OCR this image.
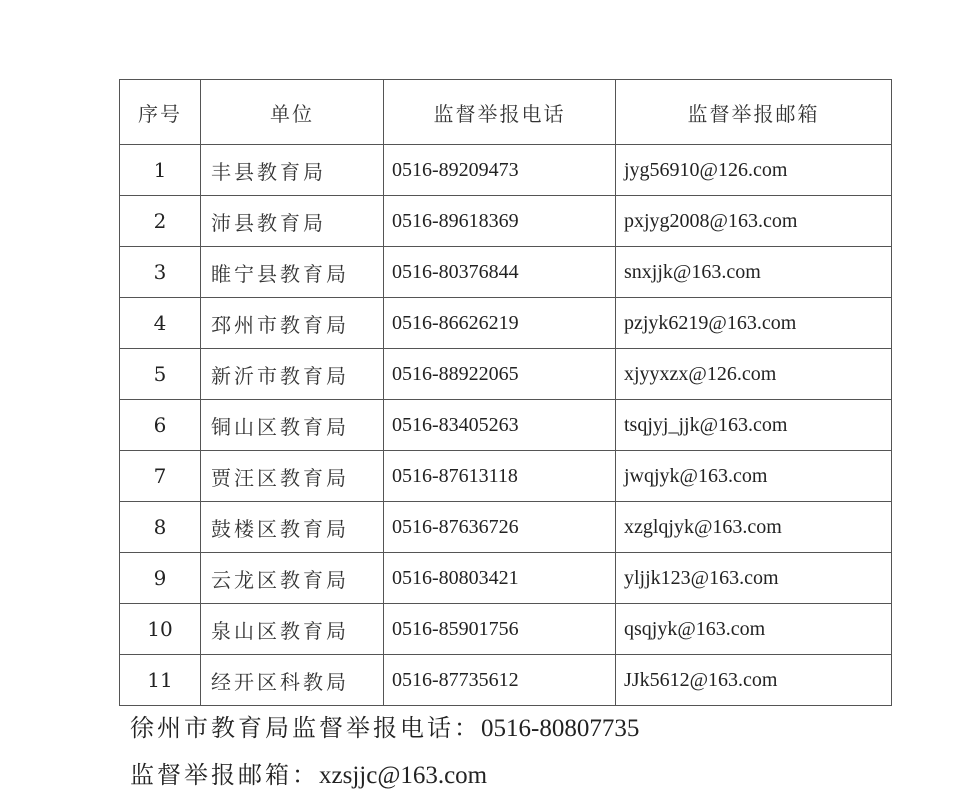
序号	单位	监督举报电话	监督举报邮箱
1	丰县教育局	0516-89209473	jyg56910@126.com
2	沛县教育局	0516-89618369	pxjyg2008@163.com
3	睢宁县教育局	0516-80376844	snxjjk@163.com
4	邳州市教育局	0516-86626219	pzjyk6219@163.com
5	新沂市教育局	0516-88922065	xjyyxzx@126.com
6	铜山区教育局	0516-83405263	tsqjyj_jjk@163.com
7	贾汪区教育局	0516-87613118	jwqjyk@163.com
8	鼓楼区教育局	0516-87636726	xzglqjyk@163.com
9	云龙区教育局	0516-80803421	yljjk123@163.com
10	泉山区教育局	0516-85901756	qsqjyk@163.com
11	经开区科教局	0516-87735612	JJk5612@163.com
徐州市教育局监督举报电话：0516-80807735
监督举报邮箱：xzsjjc@163.com
